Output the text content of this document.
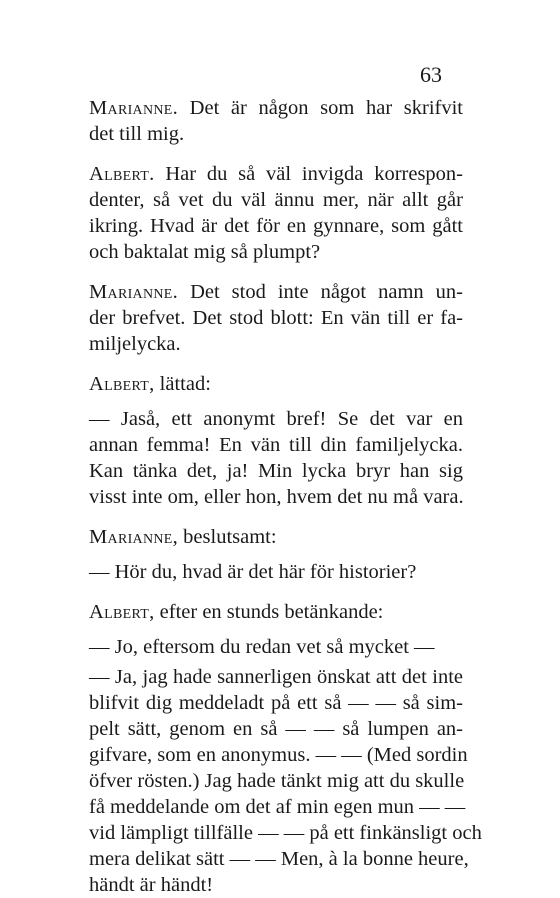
63

Marianne. Det är någon som har skrifvit
det till mig.

Albert. Har du så väl invigda korrespon-
denter, så vet du väl ännu mer, när allt går
ikring. Hvad är det för en gynnare, som gått
och baktalat mig så plumpt?

Marianne. Det stod inte något namn un-
der brefvet. Det stod blott: En vän till er fa-
miljelycka.

Albert, lättad:

— Jaså, ett anonymt bref! Se det var en
annan femma! En vän till din familjelycka.
Kan tänka det, ja! Min lycka bryr han sig
visst inte om, eller hon, hvem det nu må vara.

Marianne, beslutsamt:

— Hör du, hvad är det här för historier?

Albert, efter en stunds betänkande:

— Jo, eftersom du redan vet så mycket —

— Ja, jag hade sannerligen önskat att det inte
blifvit dig meddeladt på ett så — — så sim-
pelt sätt, genom en så — — så lumpen an-
gifvare, som en anonymus. — — (Med sordin
öfver rösten.) Jag hade tänkt mig att du skulle
få meddelande om det af min egen mun — —
vid lämpligt tillfälle — — på ett finkänsligt och
mera delikat sätt — — Men, à la bonne heure,
händt är händt!
